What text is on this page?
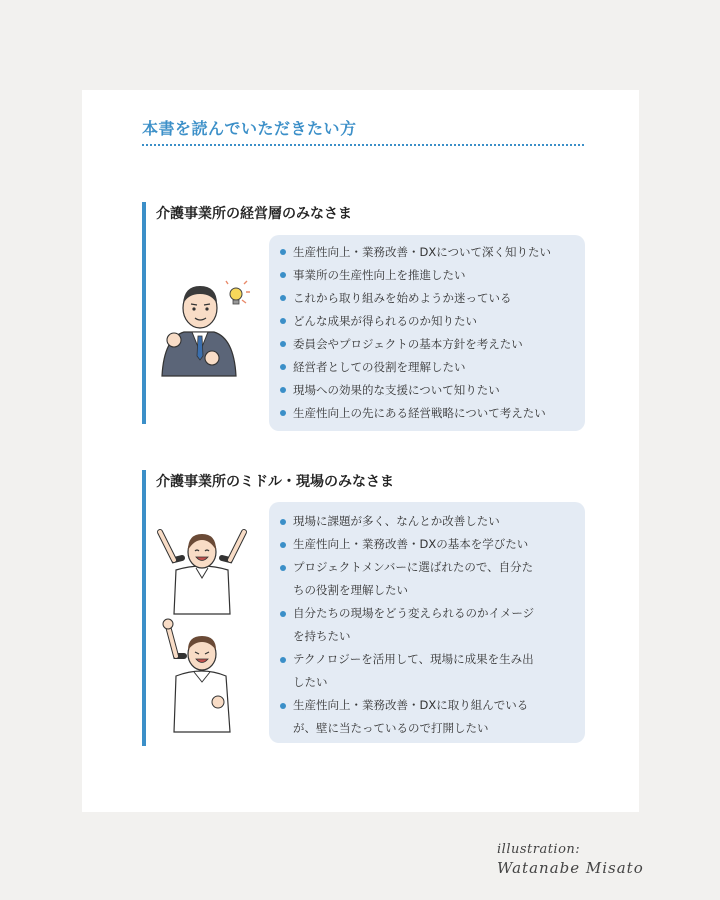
本書を読んでいただきたい方
介護事業所の経営層のみなさま
生産性向上・業務改善・DXについて深く知りたい
事業所の生産性向上を推進したい
これから取り組みを始めようか迷っている
どんな成果が得られるのか知りたい
委員会やプロジェクトの基本方針を考えたい
経営者としての役割を理解したい
現場への効果的な支援について知りたい
生産性向上の先にある経営戦略について考えたい
介護事業所のミドル・現場のみなさま
現場に課題が多く、なんとか改善したい
生産性向上・業務改善・DXの基本を学びたい
プロジェクトメンバーに選ばれたので、自分た
ちの役割を理解したい
自分たちの現場をどう変えられるのかイメージ
を持ちたい
テクノロジーを活用して、現場に成果を生み出
したい
生産性向上・業務改善・DXに取り組んでいる
が、壁に当たっているので打開したい
illustration:
Watanabe Misato
